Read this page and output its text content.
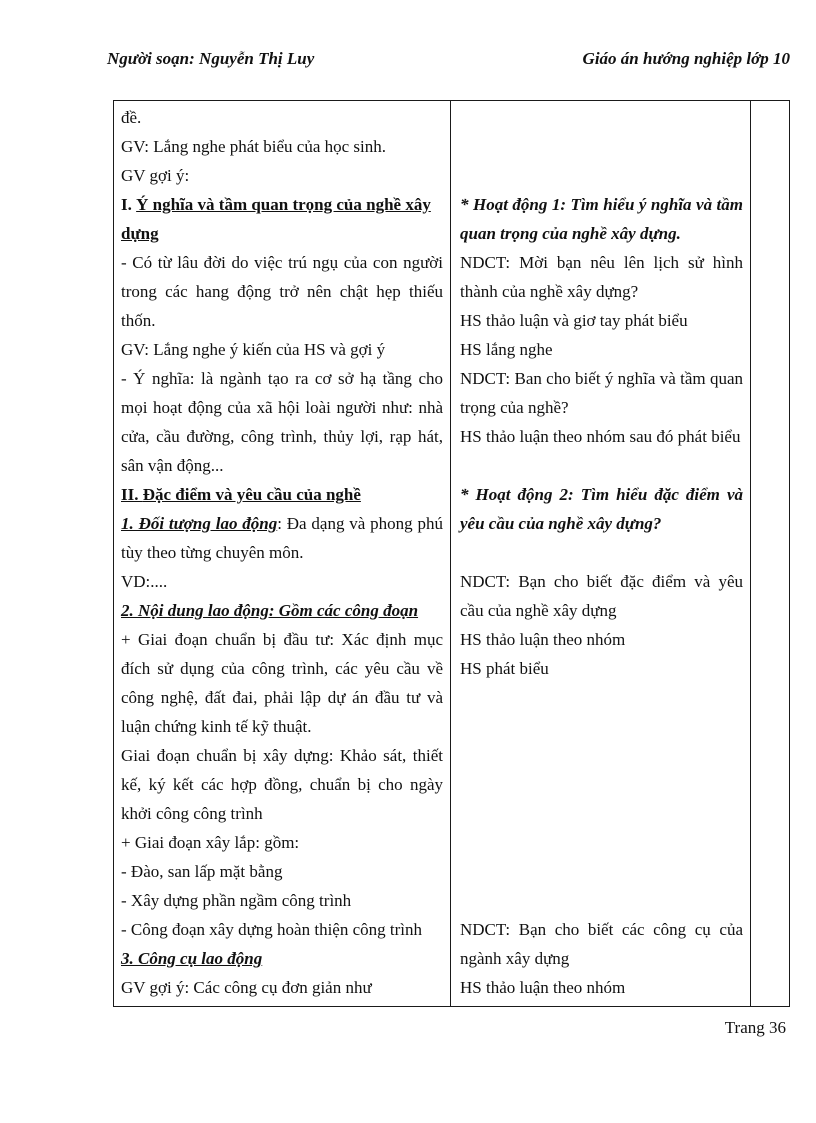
Người soạn: Nguyễn Thị Luy	Giáo án hướng nghiệp lớp 10

đề.

GV: Lắng nghe phát biểu của học sinh.

GV gợi ý:

I. Ý nghĩa và tầm quan trọng của nghề xây dựng

- Có từ lâu đời do việc trú ngụ của con người trong các hang động trở nên chật hẹp thiếu thốn.

GV: Lắng nghe ý kiến của HS và gợi ý

- Ý nghĩa: là ngành tạo ra cơ sở hạ tầng cho mọi hoạt động của xã hội loài người như: nhà cửa, cầu đường, công trình, thủy lợi, rạp hát, sân vận động...

II. Đặc điểm và yêu cầu của nghề

1. Đối tượng lao động: Đa dạng và phong phú tùy theo từng chuyên môn.

VD:....

2. Nội dung lao động: Gồm các công đoạn

+ Giai đoạn chuẩn bị đầu tư: Xác định mục đích sử dụng của công trình, các yêu cầu về công nghệ, đất đai, phải lập dự án đầu tư và luận chứng kinh tế kỹ thuật.

Giai đoạn chuẩn bị xây dựng: Khảo sát, thiết kế, ký kết các hợp đồng, chuẩn bị cho ngày khởi công công trình

+ Giai đoạn xây lắp: gồm:

- Đào, san lấp mặt bằng

- Xây dựng phần ngầm công trình

- Công đoạn xây dựng hoàn thiện công trình

3. Công cụ lao động

GV gợi ý: Các công cụ đơn giản như

* Hoạt động 1: Tìm hiểu ý nghĩa và tầm quan trọng của nghề xây dựng.

NDCT: Mời bạn nêu lên lịch sử hình thành của nghề xây dựng?

HS thảo luận và giơ tay phát biểu

HS lắng nghe

NDCT: Ban cho biết ý nghĩa và tầm quan trọng của nghề?

HS thảo luận theo nhóm sau đó phát biểu

* Hoạt động 2: Tìm hiểu đặc điểm và yêu cầu của nghề xây dựng?

NDCT: Bạn cho biết đặc điểm và yêu cầu của nghề xây dựng

HS thảo luận theo nhóm

HS phát biểu

NDCT: Bạn cho biết các công cụ của ngành xây dựng

HS thảo luận theo nhóm

Trang 36
